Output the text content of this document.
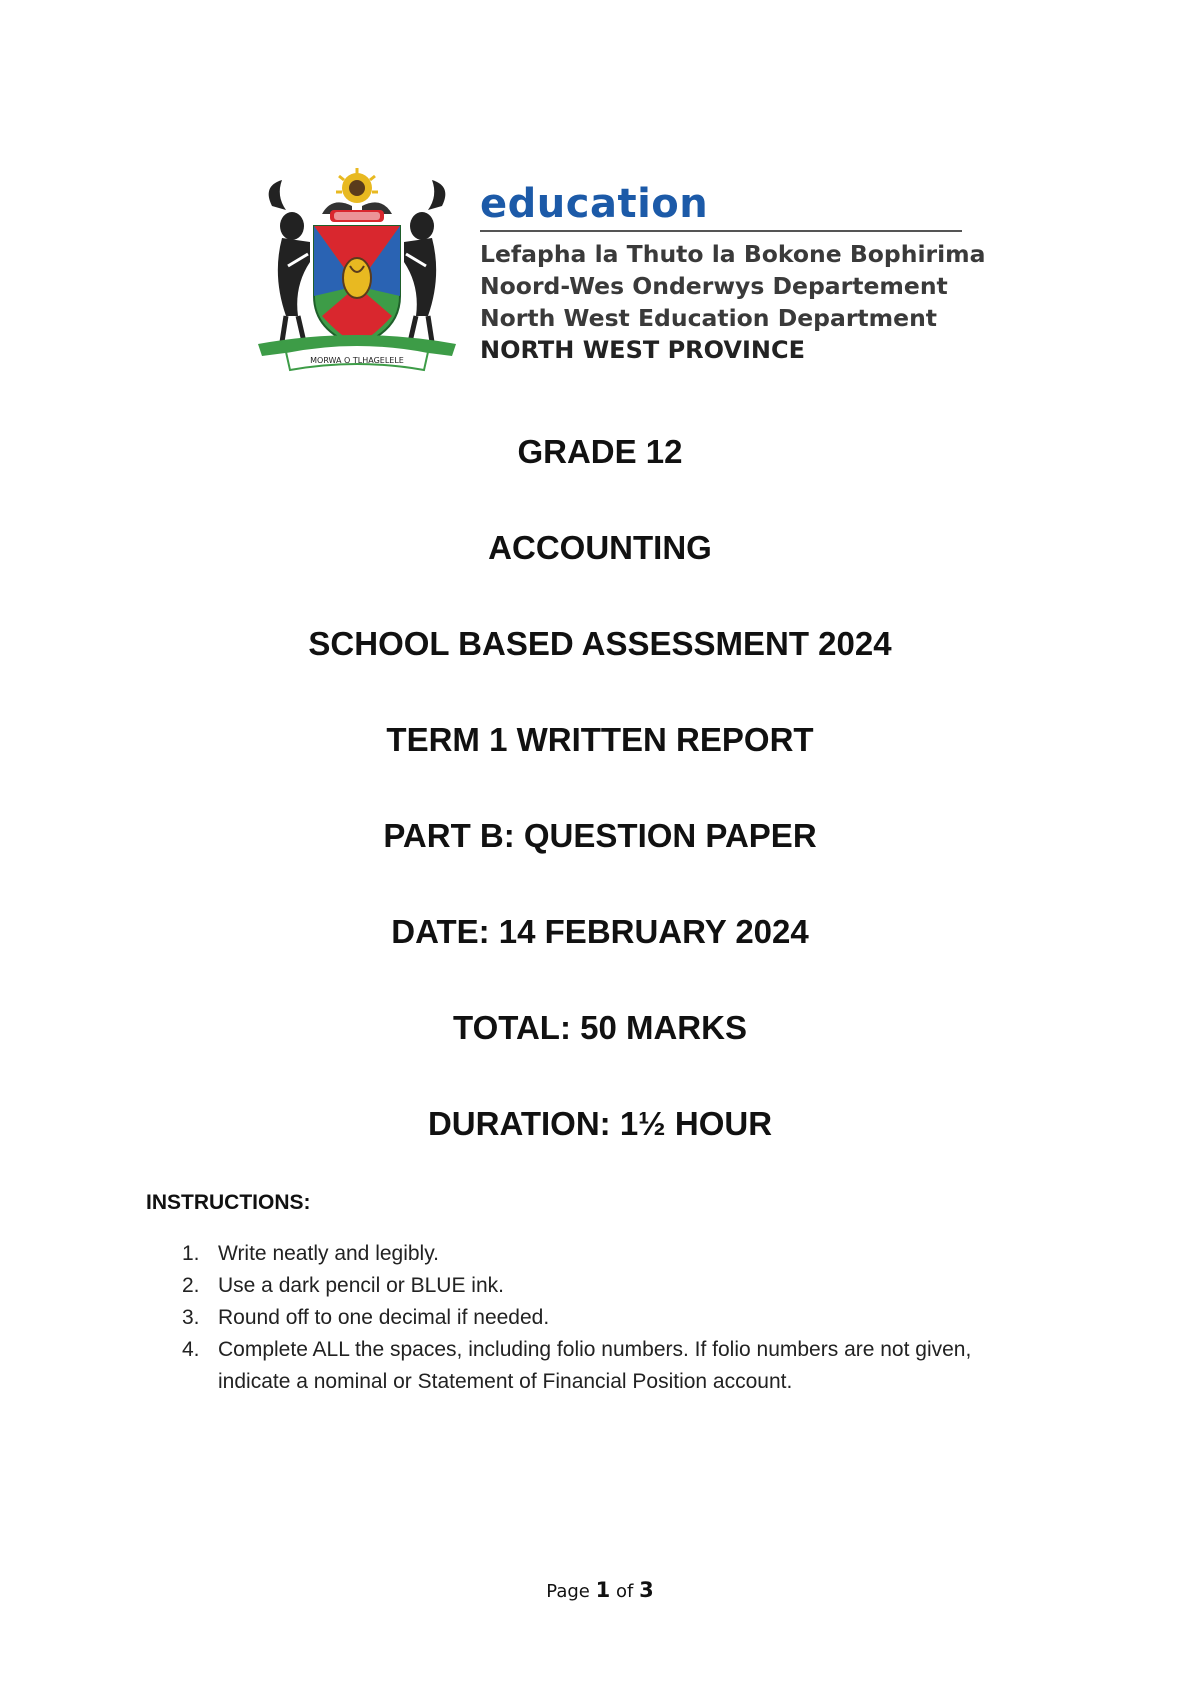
MORWA O TLHAGELELE
education
Lefapha la Thuto la Bokone Bophirima
Noord-Wes Onderwys Departement
North West Education Department
NORTH WEST PROVINCE
GRADE 12
ACCOUNTING
SCHOOL BASED ASSESSMENT 2024
TERM 1 WRITTEN REPORT
PART B: QUESTION PAPER
DATE: 14 FEBRUARY 2024
TOTAL: 50 MARKS
DURATION: 1½ HOUR
INSTRUCTIONS:
1. Write neatly and legibly.
2. Use a dark pencil or BLUE ink.
3. Round off to one decimal if needed.
4. Complete ALL the spaces, including folio numbers. If folio numbers are not given, indicate a nominal or Statement of Financial Position account.
Page 1 of 3
